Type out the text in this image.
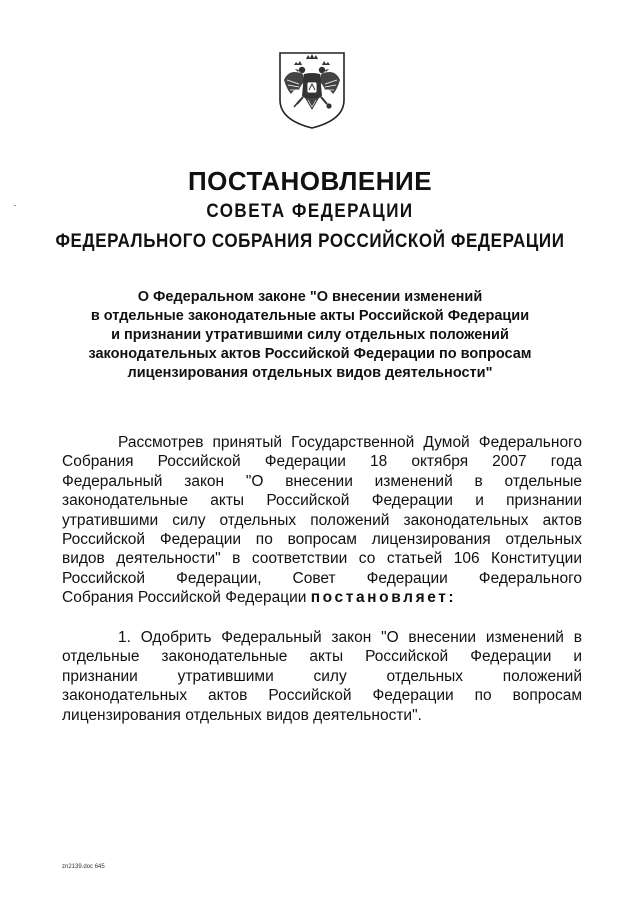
ПОСТАНОВЛЕНИЕ
СОВЕТА ФЕДЕРАЦИИ
ФЕДЕРАЛЬНОГО СОБРАНИЯ РОССИЙСКОЙ ФЕДЕРАЦИИ
О Федеральном законе "О внесении изменений
в отдельные законодательные акты Российской Федерации
и признании утратившими силу отдельных положений
законодательных актов Российской Федерации по вопросам
лицензирования отдельных видов деятельности"
Рассмотрев принятый Государственной Думой Федерального
Собрания Российской Федерации 18 октября 2007 года
Федеральный закон "О внесении изменений в отдельные
законодательные акты Российской Федерации и признании
утратившими силу отдельных положений законодательных актов
Российской Федерации по вопросам лицензирования отдельных
видов деятельности" в соответствии со статьей 106 Конституции
Российской Федерации, Совет Федерации Федерального
Собрания Российской Федерации постановляет:
1. Одобрить Федеральный закон "О внесении изменений в
отдельные законодательные акты Российской Федерации и
признании утратившими силу отдельных положений
законодательных актов Российской Федерации по вопросам
лицензирования отдельных видов деятельности".
zn2139.doc 645
